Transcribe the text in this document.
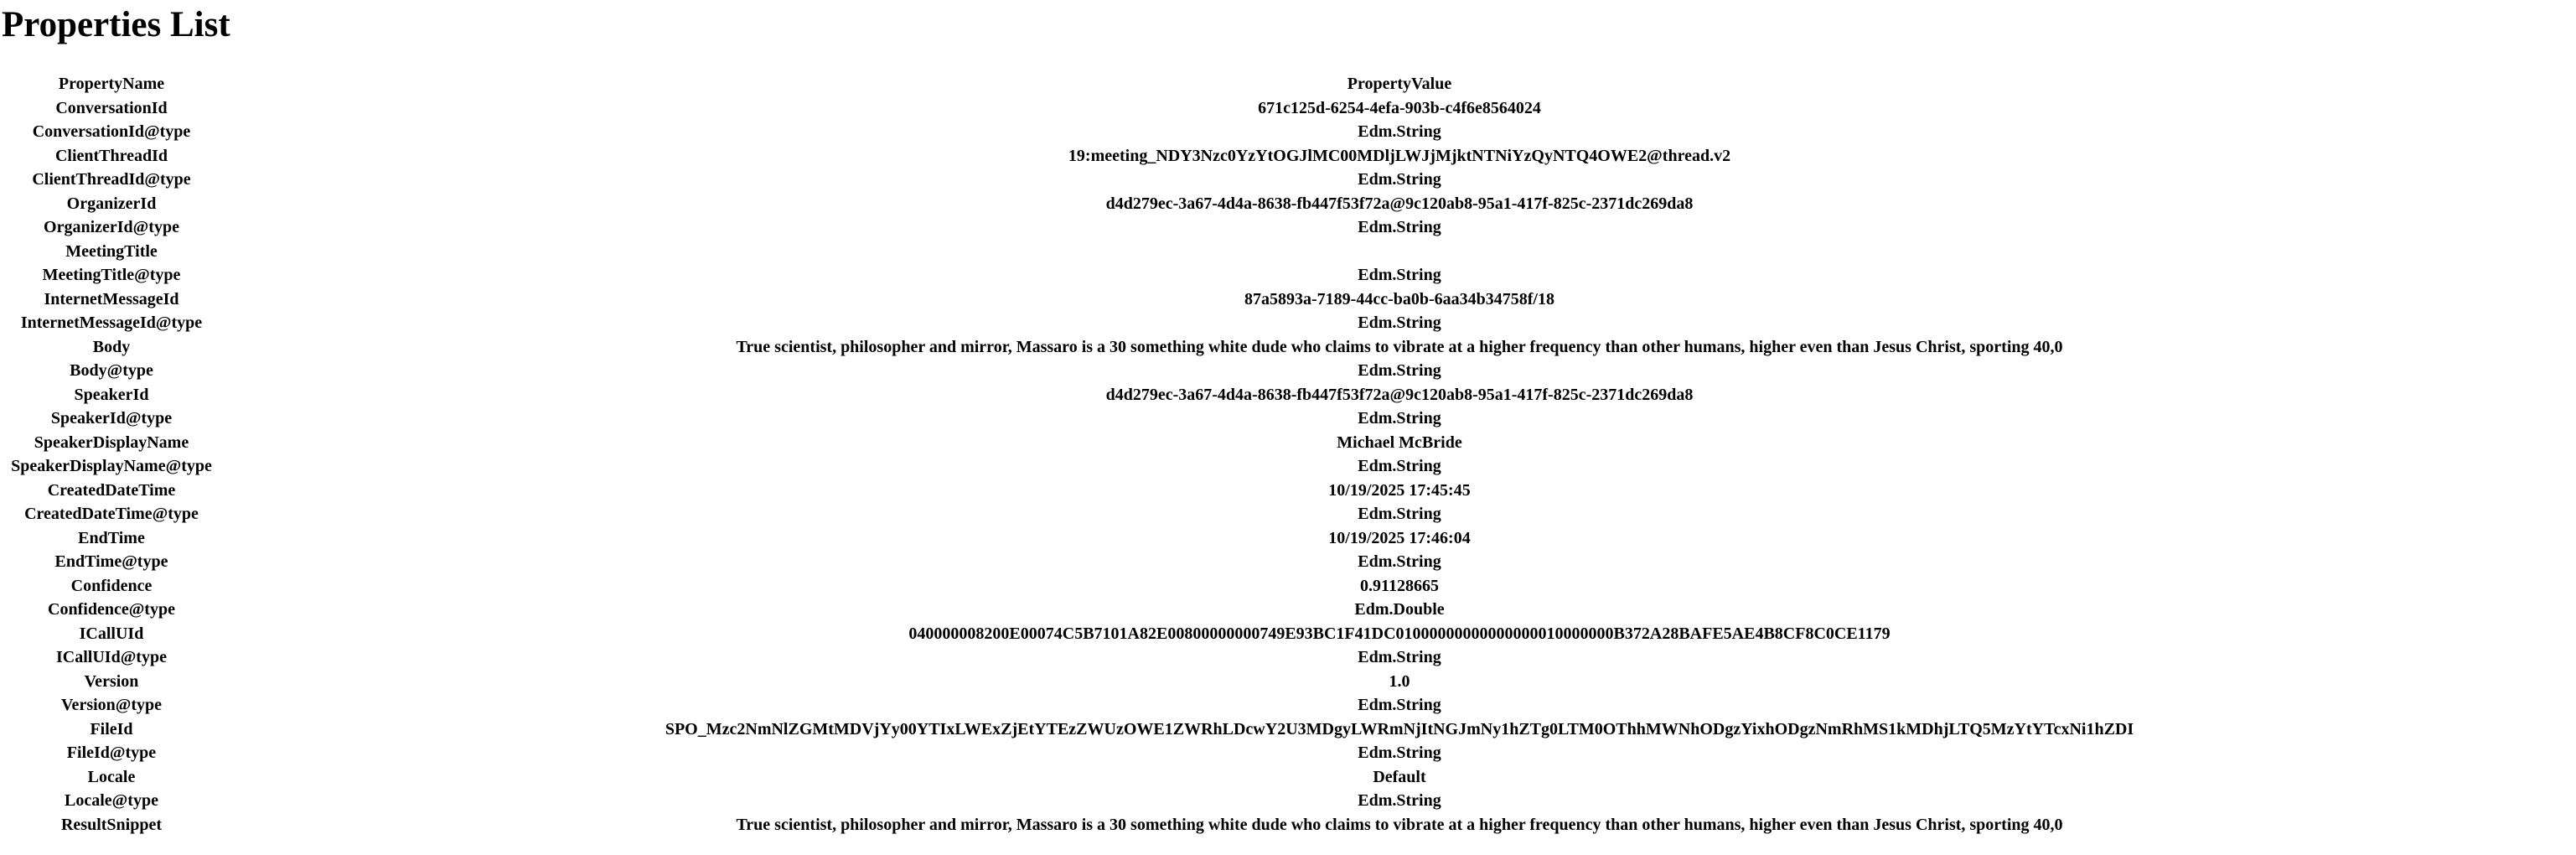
Properties List
PropertyName	PropertyValue
ConversationId	671c125d-6254-4efa-903b-c4f6e8564024
ConversationId@type	Edm.String
ClientThreadId	19:meeting_NDY3Nzc0YzYtOGJlMC00MDljLWJjMjktNTNiYzQyNTQ4OWE2@thread.v2
ClientThreadId@type	Edm.String
OrganizerId	d4d279ec-3a67-4d4a-8638-fb447f53f72a@9c120ab8-95a1-417f-825c-2371dc269da8
OrganizerId@type	Edm.String
MeetingTitle	
MeetingTitle@type	Edm.String
InternetMessageId	87a5893a-7189-44cc-ba0b-6aa34b34758f/18
InternetMessageId@type	Edm.String
Body	True scientist, philosopher and mirror, Massaro is a 30 something white dude who claims to vibrate at a higher frequency than other humans, higher even than Jesus Christ, sporting 40,0
Body@type	Edm.String
SpeakerId	d4d279ec-3a67-4d4a-8638-fb447f53f72a@9c120ab8-95a1-417f-825c-2371dc269da8
SpeakerId@type	Edm.String
SpeakerDisplayName	Michael McBride
SpeakerDisplayName@type	Edm.String
CreatedDateTime	10/19/2025 17:45:45
CreatedDateTime@type	Edm.String
EndTime	10/19/2025 17:46:04
EndTime@type	Edm.String
Confidence	0.91128665
Confidence@type	Edm.Double
ICallUId	040000008200E00074C5B7101A82E00800000000749E93BC1F41DC01000000000000000010000000B372A28BAFE5AE4B8CF8C0CE1179
ICallUId@type	Edm.String
Version	1.0
Version@type	Edm.String
FileId	SPO_Mzc2NmNlZGMtMDVjYy00YTIxLWExZjEtYTEzZWUzOWE1ZWRhLDcwY2U3MDgyLWRmNjItNGJmNy1hZTg0LTM0OThhMWNhODgzYixhODgzNmRhMS1kMDhjLTQ5MzYtYTcxNi1hZDI
FileId@type	Edm.String
Locale	Default
Locale@type	Edm.String
ResultSnippet	True scientist, philosopher and mirror, Massaro is a 30 something white dude who claims to vibrate at a higher frequency than other humans, higher even than Jesus Christ, sporting 40,0
